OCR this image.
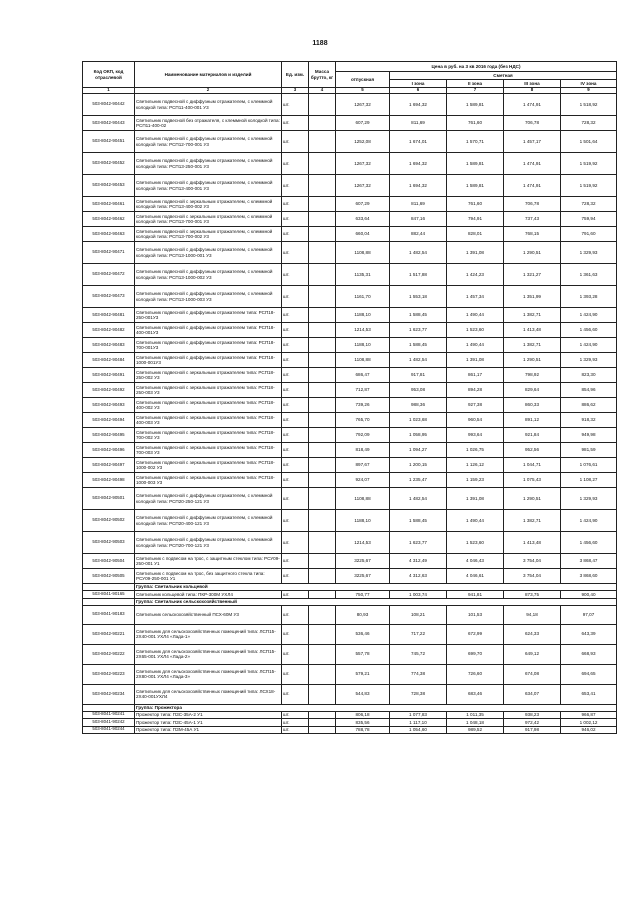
1188
Код ОКП, код отраслевой	Наименование материалов и изделий	Ед. изм.	Масса брутто, кг	Цена в руб. на 3 кв 2016 года (без НДС)				
				отпускная	Сметная			
					I зона	II зона	III зона	IV зона
1	2	3	4	5	6	7	8	9
503-8042-90442	Светильник подвесной с диффузным отражателем, с клеммной колодкой типа: РСП11-400-001 У3	шт.		1267,32	1 694,32	1 589,81	1 474,91	1 518,92
503-8042-90443	Светильник подвесной без отражателя, с клеммной колодкой типа: РСП11-400-02	шт.		607,29	811,69	761,60	706,78	728,32
503-8042-90451	Светильник подвесной с диффузным отражателем, с клеммной колодкой типа: РСП12-700-001 У3	шт.		1252,08	1 674,01	1 570,71	1 457,17	1 501,64
503-8042-90452	Светильник подвесной с диффузным отражателем, с клеммной колодкой типа: РСП13-250-001 У3	шт.		1267,32	1 694,32	1 589,81	1 474,91	1 519,92
503-8042-90453	Светильник подвесной с диффузным отражателем, с клеммной колодкой типа: РСП13-400-001 У3	шт.		1267,32	1 694,32	1 589,81	1 474,91	1 519,92
503-8042-90461	Светильник подвесной с зеркальным отражателем, с клеммной колодкой типа: РСП13-400-002 У3	шт.		607,29	811,69	761,60	706,78	728,32
503-8042-90462	Светильник подвесной с зеркальным отражателем, с клеммной колодкой типа: РСП13-700-001 У3	шт.		633,64	847,16	794,91	737,43	759,94
503-8042-90463	Светильник подвесной с зеркальным отражателем, с клеммной колодкой типа: РСП13-700-002 У3	шт.		660,04	882,44	828,01	768,15	791,60
503-8042-90471	Светильник подвесной с диффузным отражателем, с клеммной колодкой типа: РСП13-1000-001 У3	шт.		1108,88	1 482,54	1 391,08	1 290,51	1 329,93
503-8042-90472	Светильник подвесной с диффузным отражателем, с клеммной колодкой типа: РСП13-1000-002 У3	шт.		1135,31	1 517,88	1 424,23	1 321,27	1 361,63
503-8042-90473	Светильник подвесной с диффузным отражателем, с клеммной колодкой типа: РСП13-1000-003 У3	шт.		1161,70	1 553,18	1 457,34	1 351,99	1 393,28
503-8042-90481	Светильник подвесной с диффузным отражателем типа: РСП18-250-001У3	шт.		1188,10	1 588,45	1 490,44	1 382,71	1 424,90
503-8042-90482	Светильник подвесной с диффузным отражателем типа: РСП18-400-001У3	шт.		1214,53	1 623,77	1 523,60	1 413,48	1 456,60
503-8042-90483	Светильник подвесной с диффузным отражателем типа: РСП18-700-001У3	шт.		1188,10	1 588,45	1 490,44	1 382,71	1 424,90
503-8042-90484	Светильник подвесной с диффузным отражателем типа: РСП18-1000-001У3	шт.		1108,88	1 482,54	1 391,08	1 290,51	1 329,93
503-8042-90491	Светильник подвесной с зеркальным отражателем типа: РСП18-250-002 У3	шт.		686,47	917,81	861,17	798,92	823,30
503-8042-90492	Светильник подвесной с зеркальным отражателем типа: РСП18-250-003 У3	шт.		712,87	953,08	894,28	829,64	854,96
503-8042-90493	Светильник подвесной с зеркальным отражателем типа: РСП18-400-002 У3	шт.		739,26	988,36	927,38	860,33	886,62
503-8042-90494	Светильник подвесной с зеркальным отражателем типа: РСП18-400-003 У3	шт.		765,70	1 023,68	960,54	891,12	918,32
503-8042-90495	Светильник подвесной с зеркальным отражателем типа: РСП18-700-002 У3	шт.		792,09	1 058,95	993,64	921,84	949,98
503-8042-90496	Светильник подвесной с зеркальным отражателем типа: РСП18-700-003 У3	шт.		818,49	1 094,27	1 026,75	952,56	981,59
503-8042-90497	Светильник подвесной с зеркальным отражателем типа: РСП18-1000-002 У3	шт.		897,67	1 200,15	1 126,12	1 044,71	1 076,61
503-8042-90498	Светильник подвесной с зеркальным отражателем типа: РСП18-1000-003 У3	шт.		924,07	1 235,47	1 159,23	1 075,43	1 108,27
503-8042-90501	Светильник подвесной с диффузным отражателем, с клеммной колодкой типа: РСП20-250-121 У3	шт.		1108,88	1 482,54	1 391,08	1 290,51	1 329,93
503-8042-90502	Светильник подвесной с диффузным отражателем, с клеммной колодкой типа: РСП20-400-121 У3	шт.		1188,10	1 588,45	1 490,44	1 382,71	1 424,90
503-8042-90503	Светильник подвесной с диффузным отражателем, с клеммной колодкой типа: РСП20-700-121 У3	шт.		1214,53	1 623,77	1 523,60	1 413,48	1 456,60
503-8042-90504	Светильник с подвесом на трос, с защитным стеклом типа: РСУ09-250-001 У1	шт.		3225,67	4 312,49	4 046,43	3 754,04	3 868,47
503-8042-90505	Светильник с подвесом на трос, без защитного стекла типа: РСУ09-250-001 У1	шт.		3225,67	4 312,63	4 046,61	3 754,04	3 868,60
	Группа: Светильник кольцевой							
503-8041-90165	Светильник кольцевой типа: ПКР-300М УХЛ4	шт.		750,77	1 003,74	941,81	873,75	900,40
	Группа: Светильник сельскохозяйственный							
503-8041-90183	Светильник сельскохозяйственный ПСХ-60М У3	шт.		80,93	108,21	101,53	94,18	97,07
503-8042-90221	Светильник для сельскохозяйственных помещений типа: ЛСП15-2Х40-001 УХЛ4 «Лада-1»	шт.		536,46	717,22	672,99	624,33	643,39
503-8042-90222	Светильник для сельскохозяйственных помещений типа: ЛСП15-2Х65-001 УХЛ4 «Лада-2»	шт.		557,78	745,72	699,70	649,12	668,93
503-8042-90223	Светильник для сельскохозяйственных помещений типа: ЛСП15-2Х80-001 УХЛ4 «Лада-3»	шт.		579,21	774,38	726,60	674,08	694,65
503-8042-90234	Светильник для сельскохозяйственных помещений типа: ЛСХ18-2Х40-001УХЛ4	шт.		544,83	728,38	683,46	634,07	653,41
	Группа: Прожектора							
503-8041-90241	Прожектор типа: ПЗС-35А-2 У1	шт.		806,18	1 077,83	1 011,35	938,23	966,87
503-8041-90242	Прожектор типа: ПЗС-45А-1 У1	шт.		835,56	1 117,10	1 048,18	972,42	1 002,12
503-8041-90244	Прожектор типа: ПЗМ-45А У1	шт.		788,78	1 054,60	989,52	917,98	946,02
